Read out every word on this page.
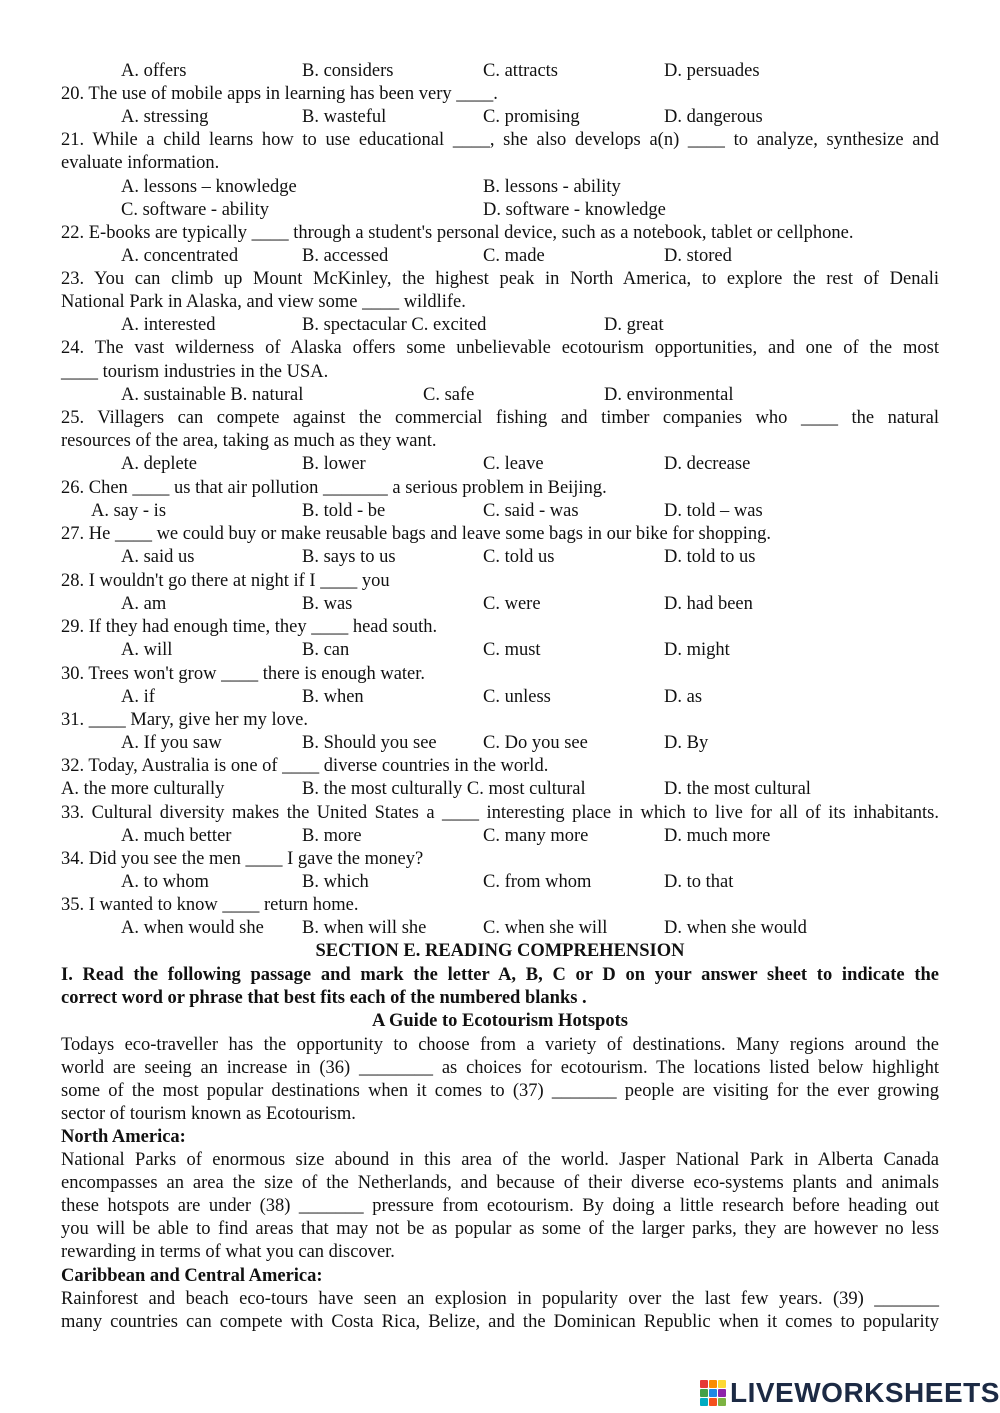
A. offers	B. considers	C. attracts	D. persuades
20. The use of mobile apps in learning has been very ____.
A. stressing	B. wasteful	C. promising	D. dangerous
21. While a child learns how to use educational ____, she also develops a(n) ____ to analyze, synthesize and
evaluate information.
A. lessons – knowledge	B. lessons - ability
C. software - ability	D. software - knowledge
22. E-books are typically ____ through a student's personal device, such as a notebook, tablet or cellphone.
A. concentrated	B. accessed	C. made	D. stored
23. You can climb up Mount McKinley, the highest peak in North America, to explore the rest of Denali
National Park in Alaska, and view some ____ wildlife.
A. interested	B. spectacular C. excited	D. great
24. The vast wilderness of Alaska offers some unbelievable ecotourism opportunities, and one of the most
____ tourism industries in the USA.
A. sustainable B. natural	C. safe	D. environmental
25. Villagers can compete against the commercial fishing and timber companies who ____ the natural
resources of the area, taking as much as they want.
A. deplete	B. lower	C. leave	D. decrease
26. Chen ____ us that air pollution _______ a serious problem in Beijing.
A. say - is	B. told - be	C. said - was	D. told – was
27. He ____ we could buy or make reusable bags and leave some bags in our bike for shopping.
A. said us	B. says to us	C. told us	D. told to us
28. I wouldn't go there at night if I ____ you
A. am	B. was	C. were	D. had been
29. If they had enough time, they ____ head south.
A. will	B. can	C. must	D. might
30. Trees won't grow ____ there is enough water.
A. if	B. when	C. unless	D. as
31. ____ Mary, give her my love.
A. If you saw	B. Should you see	C. Do you see	D. By
32. Today, Australia is one of ____ diverse countries in the world.
A. the more culturally	B. the most culturally C. most cultural	D. the most cultural
33. Cultural diversity makes the United States a ____ interesting place in which to live for all of its inhabitants.
A. much better	B. more	C. many more	D. much more
34. Did you see the men ____ I gave the money?
A. to whom	B. which	C. from whom	D. to that
35. I wanted to know ____ return home.
A. when would she B. when will she	C. when she will	D. when she would
SECTION E. READING COMPREHENSION
I. Read the following passage and mark the letter A, B, C or D on your answer sheet to indicate the
correct word or phrase that best fits each of the numbered blanks .
A Guide to Ecotourism Hotspots
Todays eco-traveller has the opportunity to choose from a variety of destinations. Many regions around the
world are seeing an increase in (36) ________ as choices for ecotourism. The locations listed below highlight
some of the most popular destinations when it comes to (37) _______ people are visiting for the ever growing
sector of tourism known as Ecotourism.
North America:
National Parks of enormous size abound in this area of the world. Jasper National Park in Alberta Canada
encompasses an area the size of the Netherlands, and because of their diverse eco-systems plants and animals
these hotspots are under (38) _______ pressure from ecotourism. By doing a little research before heading out
you will be able to find areas that may not be as popular as some of the larger parks, they are however no less
rewarding in terms of what you can discover.
Caribbean and Central America:
Rainforest and beach eco-tours have seen an explosion in popularity over the last few years. (39) _______
many countries can compete with Costa Rica, Belize, and the Dominican Republic when it comes to popularity
LIVE WORKSHEETS
